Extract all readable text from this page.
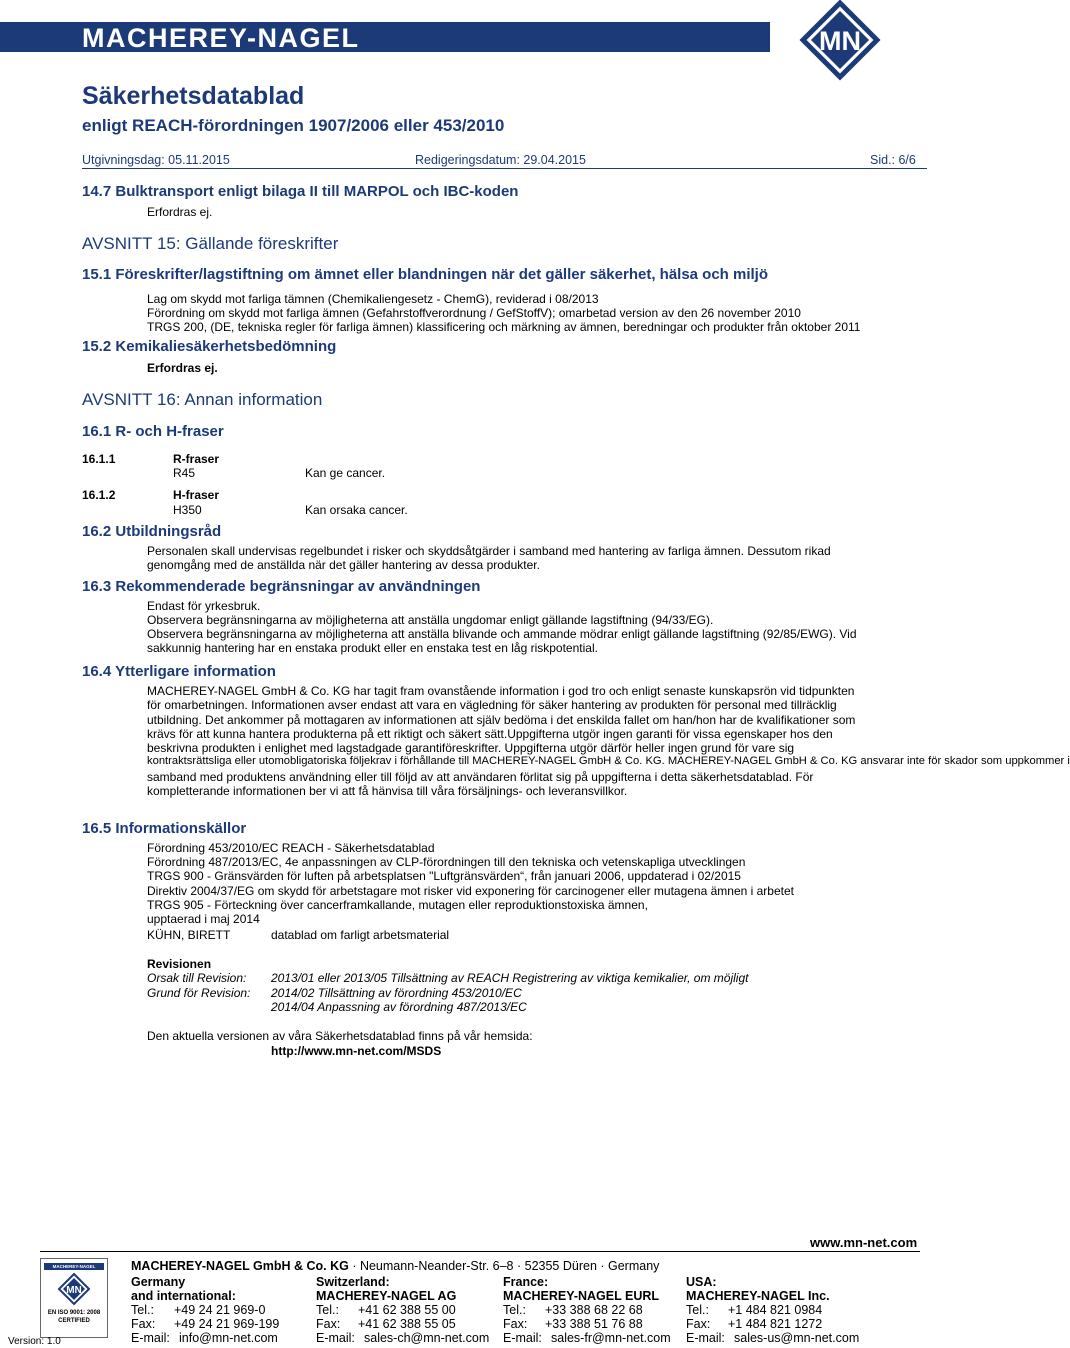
MACHEREY-NAGEL	MN
Säkerhetsdatablad
enligt REACH-förordningen 1907/2006 eller 453/2010
Utgivningsdag: 05.11.2015	Redigeringsdatum: 29.04.2015	Sid.: 6/6
14.7 Bulktransport enligt bilaga II till MARPOL och IBC-koden
Erfordras ej.
AVSNITT 15: Gällande föreskrifter
15.1 Föreskrifter/lagstiftning om ämnet eller blandningen när det gäller säkerhet, hälsa och miljö
Lag om skydd mot farliga tämnen (Chemikaliengesetz - ChemG), reviderad i 08/2013
Förordning om skydd mot farliga ämnen (Gefahrstoffverordnung / GefStoffV); omarbetad version av den 26 november 2010
TRGS 200, (DE, tekniska regler för farliga ämnen) klassificering och märkning av ämnen, beredningar och produkter från oktober 2011
15.2 Kemikaliesäkerhetsbedömning
Erfordras ej.
AVSNITT 16: Annan information
16.1 R- och H-fraser
16.1.1	R-fraser
R45	Kan ge cancer.
16.1.2	H-fraser
H350	Kan orsaka cancer.
16.2 Utbildningsråd
Personalen skall undervisas regelbundet i risker och skyddsåtgärder i samband med hantering av farliga ämnen. Dessutom rikad
genomgång med de anställda när det gäller hantering av dessa produkter.
16.3 Rekommenderade begränsningar av användningen
Endast för yrkesbruk.
Observera begränsningarna av möjligheterna att anställa ungdomar enligt gällande lagstiftning (94/33/EG).
Observera begränsningarna av möjligheterna att anställa blivande och ammande mödrar enligt gällande lagstiftning (92/85/EWG). Vid
sakkunnig hantering har en enstaka produkt eller en enstaka test en låg riskpotential.
16.4 Ytterligare information
MACHEREY-NAGEL GmbH & Co. KG har tagit fram ovanstående information i god tro och enligt senaste kunskapsrön vid tidpunkten
för omarbetningen. Informationen avser endast att vara en vägledning för säker hantering av produkten för personal med tillräcklig
utbildning. Det ankommer på mottagaren av informationen att själv bedöma i det enskilda fallet om han/hon har de kvalifikationer som
krävs för att kunna hantera produkterna på ett riktigt och säkert sätt.Uppgifterna utgör ingen garanti för vissa egenskaper hos den
beskrivna produkten i enlighet med lagstadgade garantiföreskrifter. Uppgifterna utgör därför heller ingen grund för vare sig
kontraktsrättsliga eller utomobligatoriska följekrav i förhållande till MACHEREY-NAGEL GmbH & Co. KG. MACHEREY-NAGEL GmbH & Co. KG ansvarar inte för skador som uppkommer i
samband med produktens användning eller till följd av att användaren förlitat sig på uppgifterna i detta säkerhetsdatablad. För
kompletterande informationen ber vi att få hänvisa till våra försäljnings- och leveransvillkor.
16.5 Informationskällor
Förordning 453/2010/EC REACH - Säkerhetsdatablad
Förordning 487/2013/EC, 4e anpassningen av CLP-förordningen till den tekniska och vetenskapliga utvecklingen
TRGS 900 - Gränsvärden för luften på arbetsplatsen "Luftgränsvärden“, från januari 2006, uppdaterad i 02/2015
Direktiv 2004/37/EG om skydd för arbetstagare mot risker vid exponering för carcinogener eller mutagena ämnen i arbetet
TRGS 905 - Förteckning över cancerframkallande, mutagen eller reproduktionstoxiska ämnen,
upptaerad i maj 2014
KÜHN, BIRETT	datablad om farligt arbetsmaterial
Revisionen
Orsak till Revision: 2013/01 eller 2013/05 Tillsättning av REACH Registrering av viktiga kemikalier, om möjligt
Grund för Revision: 2014/02 Tillsättning av förordning 453/2010/EC
2014/04 Anpassning av förordning 487/2013/EC
Den aktuella versionen av våra Säkerhetsdatablad finns på vår hemsida:
http://www.mn-net.com/MSDS
www.mn-net.com
MACHEREY-NAGEL
MN
EN ISO 9001: 2008 CERTIFIED
Version: 1.0
MACHEREY-NAGEL GmbH & Co. KG · Neumann-Neander-Str. 6–8 · 52355 Düren · Germany
Germany
and international:
Tel.: +49 24 21 969-0
Fax: +49 24 21 969-199
E-mail: info@mn-net.com
Switzerland:
MACHEREY-NAGEL AG
Tel.: +41 62 388 55 00
Fax: +41 62 388 55 05
E-mail: sales-ch@mn-net.com
France:
MACHEREY-NAGEL EURL
Tel.: +33 388 68 22 68
Fax: +33 388 51 76 88
E-mail: sales-fr@mn-net.com
USA:
MACHEREY-NAGEL Inc.
Tel.: +1 484 821 0984
Fax: +1 484 821 1272
E-mail: sales-us@mn-net.com
